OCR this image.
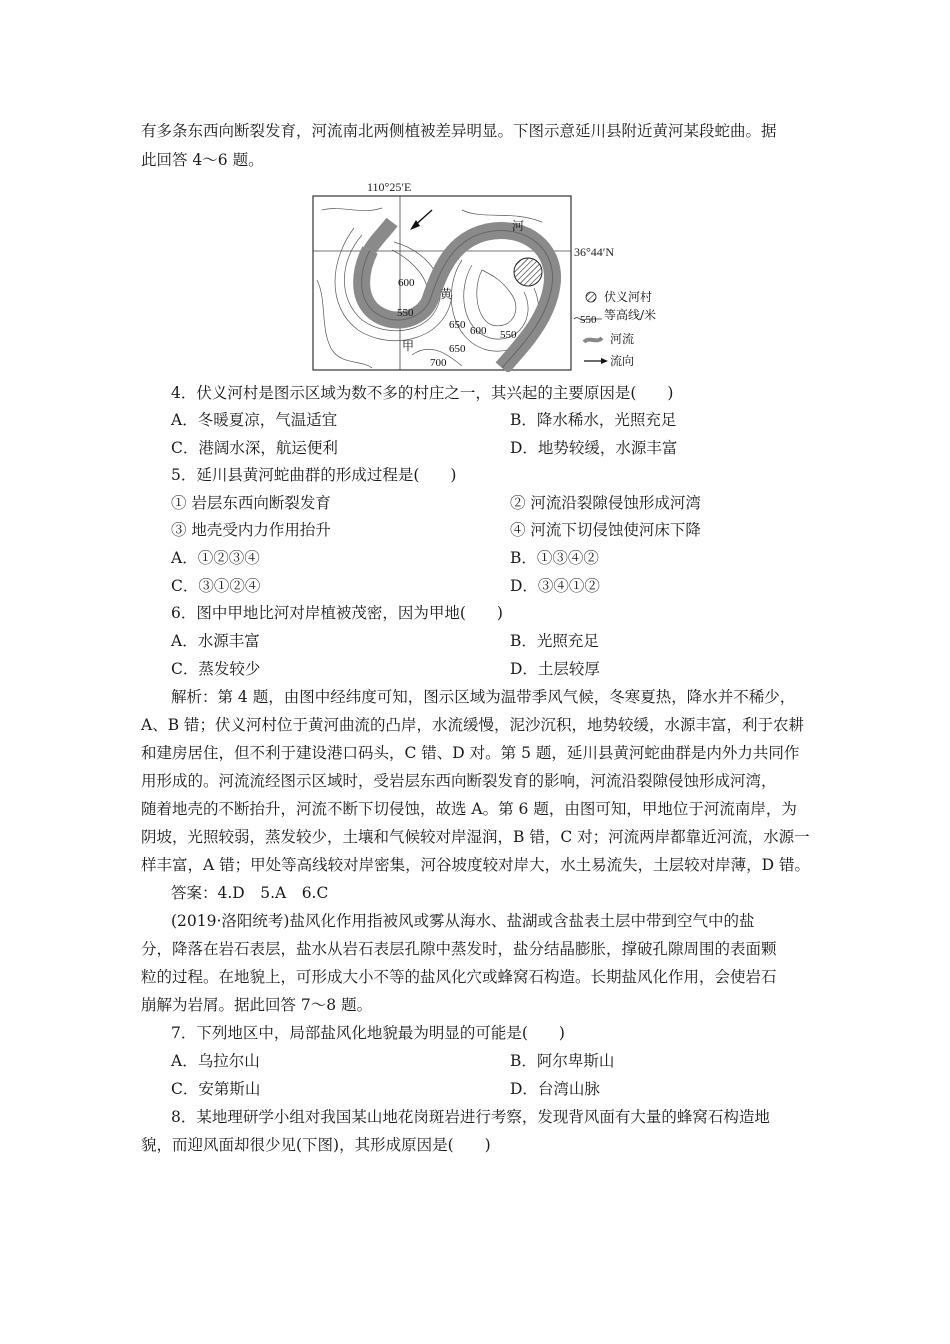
有多条东西向断裂发育，河流南北两侧植被差异明显。下图示意延川县附近黄河某段蛇曲。据
此回答 4～6 题。
110°25′E
36°44′N
河
黄
甲
600
550
650 600 550
650
700
伏义河村
550 等高线/米
河流
流向
4．伏义河村是图示区域为数不多的村庄之一，其兴起的主要原因是(　　)
A．冬暖夏凉，气温适宜	B．降水稀水，光照充足
C．港阔水深，航运便利	D．地势较缓，水源丰富
5．延川县黄河蛇曲群的形成过程是(　　)
① 岩层东西向断裂发育	② 河流沿裂隙侵蚀形成河湾
③ 地壳受内力作用抬升	④ 河流下切侵蚀使河床下降
A．①②③④	B．①③④②
C．③①②④	D．③④①②
6．图中甲地比河对岸植被茂密，因为甲地(　　)
A．水源丰富	B．光照充足
C．蒸发较少	D．土层较厚
解析：第 4 题，由图中经纬度可知，图示区域为温带季风气候，冬寒夏热，降水并不稀少，
A、B 错；伏义河村位于黄河曲流的凸岸，水流缓慢，泥沙沉积，地势较缓，水源丰富，利于农耕
和建房居住，但不利于建设港口码头，C 错、D 对。第 5 题，延川县黄河蛇曲群是内外力共同作
用形成的。河流流经图示区域时，受岩层东西向断裂发育的影响，河流沿裂隙侵蚀形成河湾，
随着地壳的不断抬升，河流不断下切侵蚀，故选 A。第 6 题，由图可知，甲地位于河流南岸，为
阴坡，光照较弱，蒸发较少，土壤和气候较对岸湿润，B 错，C 对；河流两岸都靠近河流，水源一
样丰富，A 错；甲处等高线较对岸密集，河谷坡度较对岸大，水土易流失，土层较对岸薄，D 错。
答案：4.D　5.A　6.C
(2019·洛阳统考)盐风化作用指被风或雾从海水、盐湖或含盐表土层中带到空气中的盐
分，降落在岩石表层，盐水从岩石表层孔隙中蒸发时，盐分结晶膨胀，撑破孔隙周围的表面颗
粒的过程。在地貌上，可形成大小不等的盐风化穴或蜂窝石构造。长期盐风化作用，会使岩石
崩解为岩屑。据此回答 7～8 题。
7．下列地区中，局部盐风化地貌最为明显的可能是(　　)
A．乌拉尔山	B．阿尔卑斯山
C．安第斯山	D．台湾山脉
8．某地理研学小组对我国某山地花岗斑岩进行考察，发现背风面有大量的蜂窝石构造地
貌，而迎风面却很少见(下图)，其形成原因是(　　)
